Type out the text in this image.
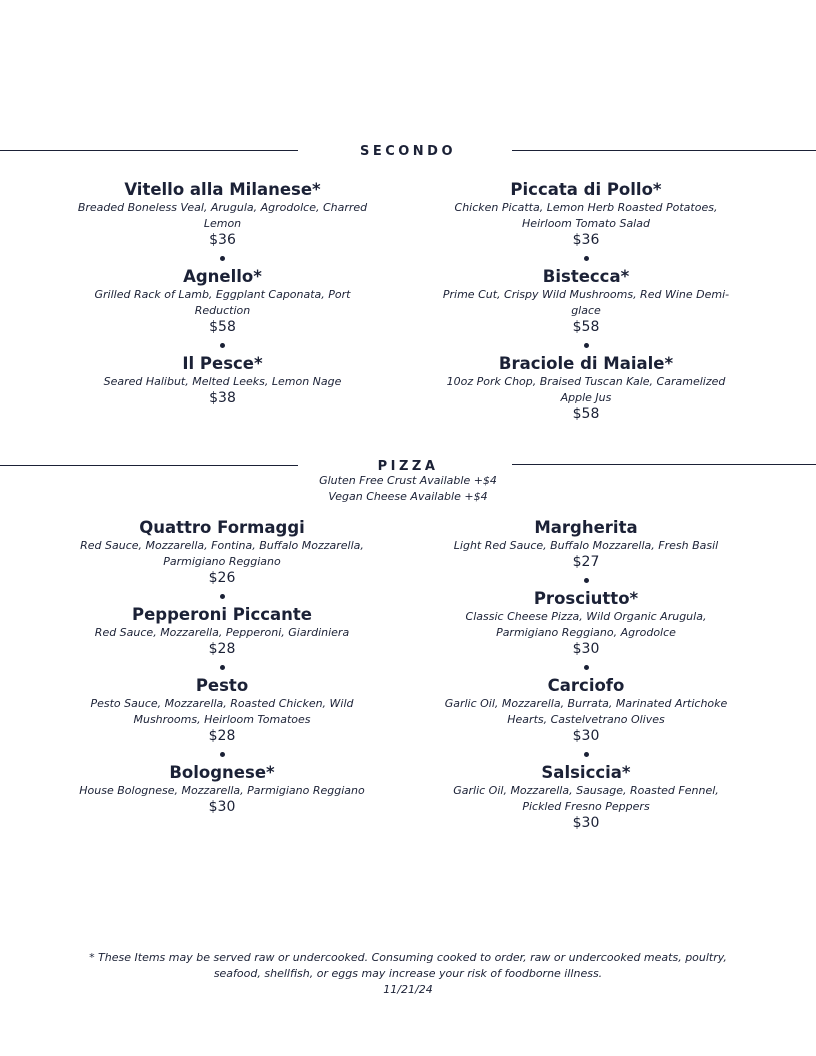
SECONDO
Vitello alla Milanese*
Breaded Boneless Veal, Arugula, Agrodolce, Charred Lemon
$36
Agnello*
Grilled Rack of Lamb, Eggplant Caponata, Port Reduction
$58
Il Pesce*
Seared Halibut, Melted Leeks, Lemon Nage
$38
Piccata di Pollo*
Chicken Picatta, Lemon Herb Roasted Potatoes, Heirloom Tomato Salad
$36
Bistecca*
Prime Cut, Crispy Wild Mushrooms, Red Wine Demi-glace
$58
Braciole di Maiale*
10oz Pork Chop, Braised Tuscan Kale, Caramelized Apple Jus
$58
PIZZA
Gluten Free Crust Available +$4
Vegan Cheese Available +$4
Quattro Formaggi
Red Sauce, Mozzarella, Fontina, Buffalo Mozzarella, Parmigiano Reggiano
$26
Pepperoni Piccante
Red Sauce, Mozzarella, Pepperoni, Giardiniera
$28
Pesto
Pesto Sauce, Mozzarella, Roasted Chicken, Wild Mushrooms, Heirloom Tomatoes
$28
Bolognese*
House Bolognese, Mozzarella, Parmigiano Reggiano
$30
Margherita
Light Red Sauce, Buffalo Mozzarella, Fresh Basil
$27
Prosciutto*
Classic Cheese Pizza, Wild Organic Arugula, Parmigiano Reggiano, Agrodolce
$30
Carciofo
Garlic Oil, Mozzarella, Burrata, Marinated Artichoke Hearts, Castelvetrano Olives
$30
Salsiccia*
Garlic Oil, Mozzarella, Sausage, Roasted Fennel, Pickled Fresno Peppers
$30
* These Items may be served raw or undercooked. Consuming cooked to order, raw or undercooked meats, poultry, seafood, shellfish, or eggs may increase your risk of foodborne illness.
11/21/24
